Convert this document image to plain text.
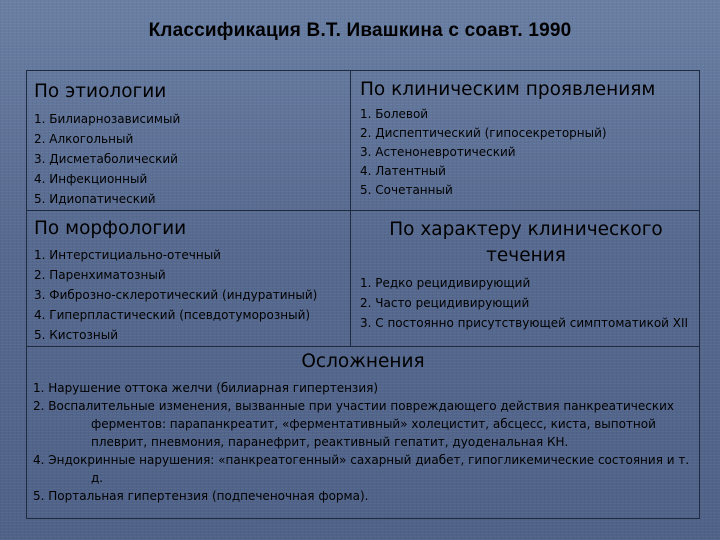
Классификация В.Т. Ивашкина с соавт. 1990
По этиологии
1. Билиарнозависимый
2. Алкогольный
3. Дисметаболический
4. Инфекционный
5. Идиопатический
По клиническим проявлениям
1. Болевой
2. Диспептический (гипосекреторный)
3. Астеноневротический
4. Латентный
5. Сочетанный
По морфологии
1. Интерстициально-отечный
2. Паренхиматозный
3. Фиброзно-склеротический (индуратиный)
4. Гиперпластический (псевдотуморозный)
5. Кистозный
По характеру клинического течения
1. Редко рецидивирующий
2. Часто рецидивирующий
3. С постоянно присутствующей симптоматикой XII
Осложнения
1. Нарушение оттока желчи (билиарная гипертензия)
2. Воспалительные изменения, вызванные при участии повреждающего действия панкреатических ферментов: парапанкреатит, «ферментативный» холецистит, абсцесс, киста, выпотной плеврит, пневмония, паранефрит, реактивный гепатит, дуоденальная КН.
4. Эндокринные нарушения: «панкреатогенный» сахарный диабет, гипогликемические состояния и т. д.
5. Портальная гипертензия (подпеченочная форма).
